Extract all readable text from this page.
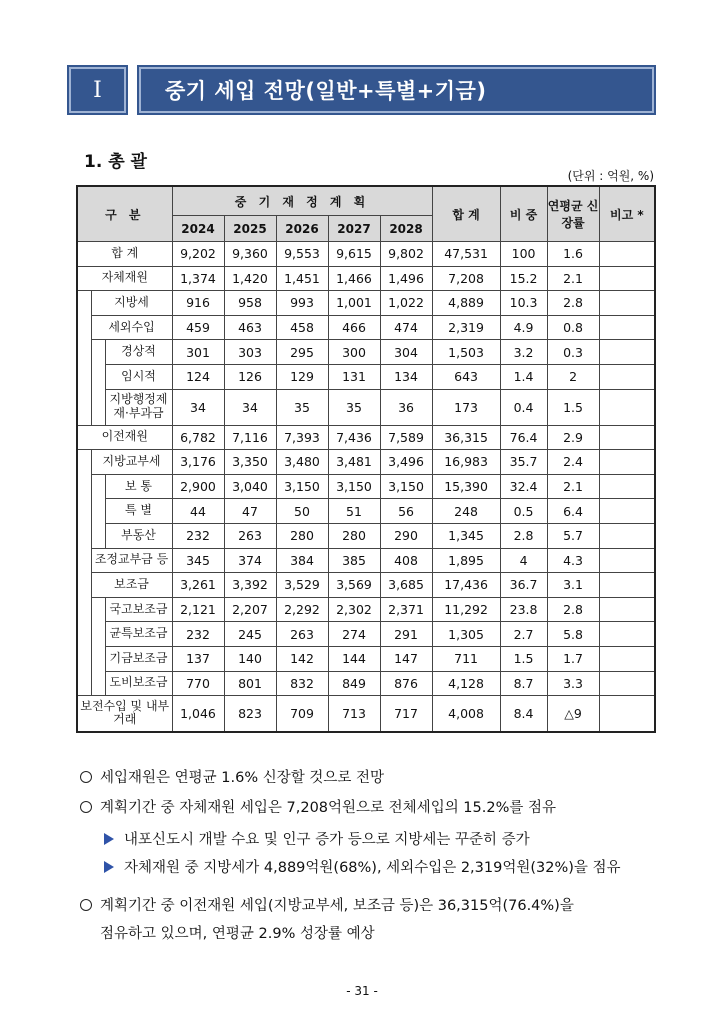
Ⅰ	중기 세입 전망(일반+특별+기금)
1. 총 괄
(단위 : 억원, %)
구 분			중 기 재 정 계 획					합 계	비 중	연평균 신장률	비고 *
			2024	2025	2026	2027	2028				
합 계			9,202	9,360	9,553	9,615	9,802	47,531	100	1.6	
자체재원			1,374	1,420	1,451	1,466	1,496	7,208	15.2	2.1	
	지방세		916	958	993	1,001	1,022	4,889	10.3	2.8	
	세외수입		459	463	458	466	474	2,319	4.9	0.8	
		경상적	301	303	295	300	304	1,503	3.2	0.3	
		임시적	124	126	129	131	134	643	1.4	2	
		지방행정제재·부과금	34	34	35	35	36	173	0.4	1.5	
이전재원			6,782	7,116	7,393	7,436	7,589	36,315	76.4	2.9	
	지방교부세		3,176	3,350	3,480	3,481	3,496	16,983	35.7	2.4	
		보 통	2,900	3,040	3,150	3,150	3,150	15,390	32.4	2.1	
		특 별	44	47	50	51	56	248	0.5	6.4	
		부동산	232	263	280	280	290	1,345	2.8	5.7	
	조정교부금 등		345	374	384	385	408	1,895	4	4.3	
	보조금		3,261	3,392	3,529	3,569	3,685	17,436	36.7	3.1	
		국고보조금	2,121	2,207	2,292	2,302	2,371	11,292	23.8	2.8	
		균특보조금	232	245	263	274	291	1,305	2.7	5.8	
		기금보조금	137	140	142	144	147	711	1.5	1.7	
		도비보조금	770	801	832	849	876	4,128	8.7	3.3	
보전수입 및 내부거래			1,046	823	709	713	717	4,008	8.4	△9	
세입재원은 연평균 1.6% 신장할 것으로 전망
계획기간 중 자체재원 세입은 7,208억원으로 전체세입의 15.2%를 점유
내포신도시 개발 수요 및 인구 증가 등으로 지방세는 꾸준히 증가
자체재원 중 지방세가 4,889억원(68%), 세외수입은 2,319억원(32%)을 점유
계획기간 중 이전재원 세입(지방교부세, 보조금 등)은 36,315억(76.4%)을
점유하고 있으며, 연평균 2.9% 성장률 예상
- 31 -
